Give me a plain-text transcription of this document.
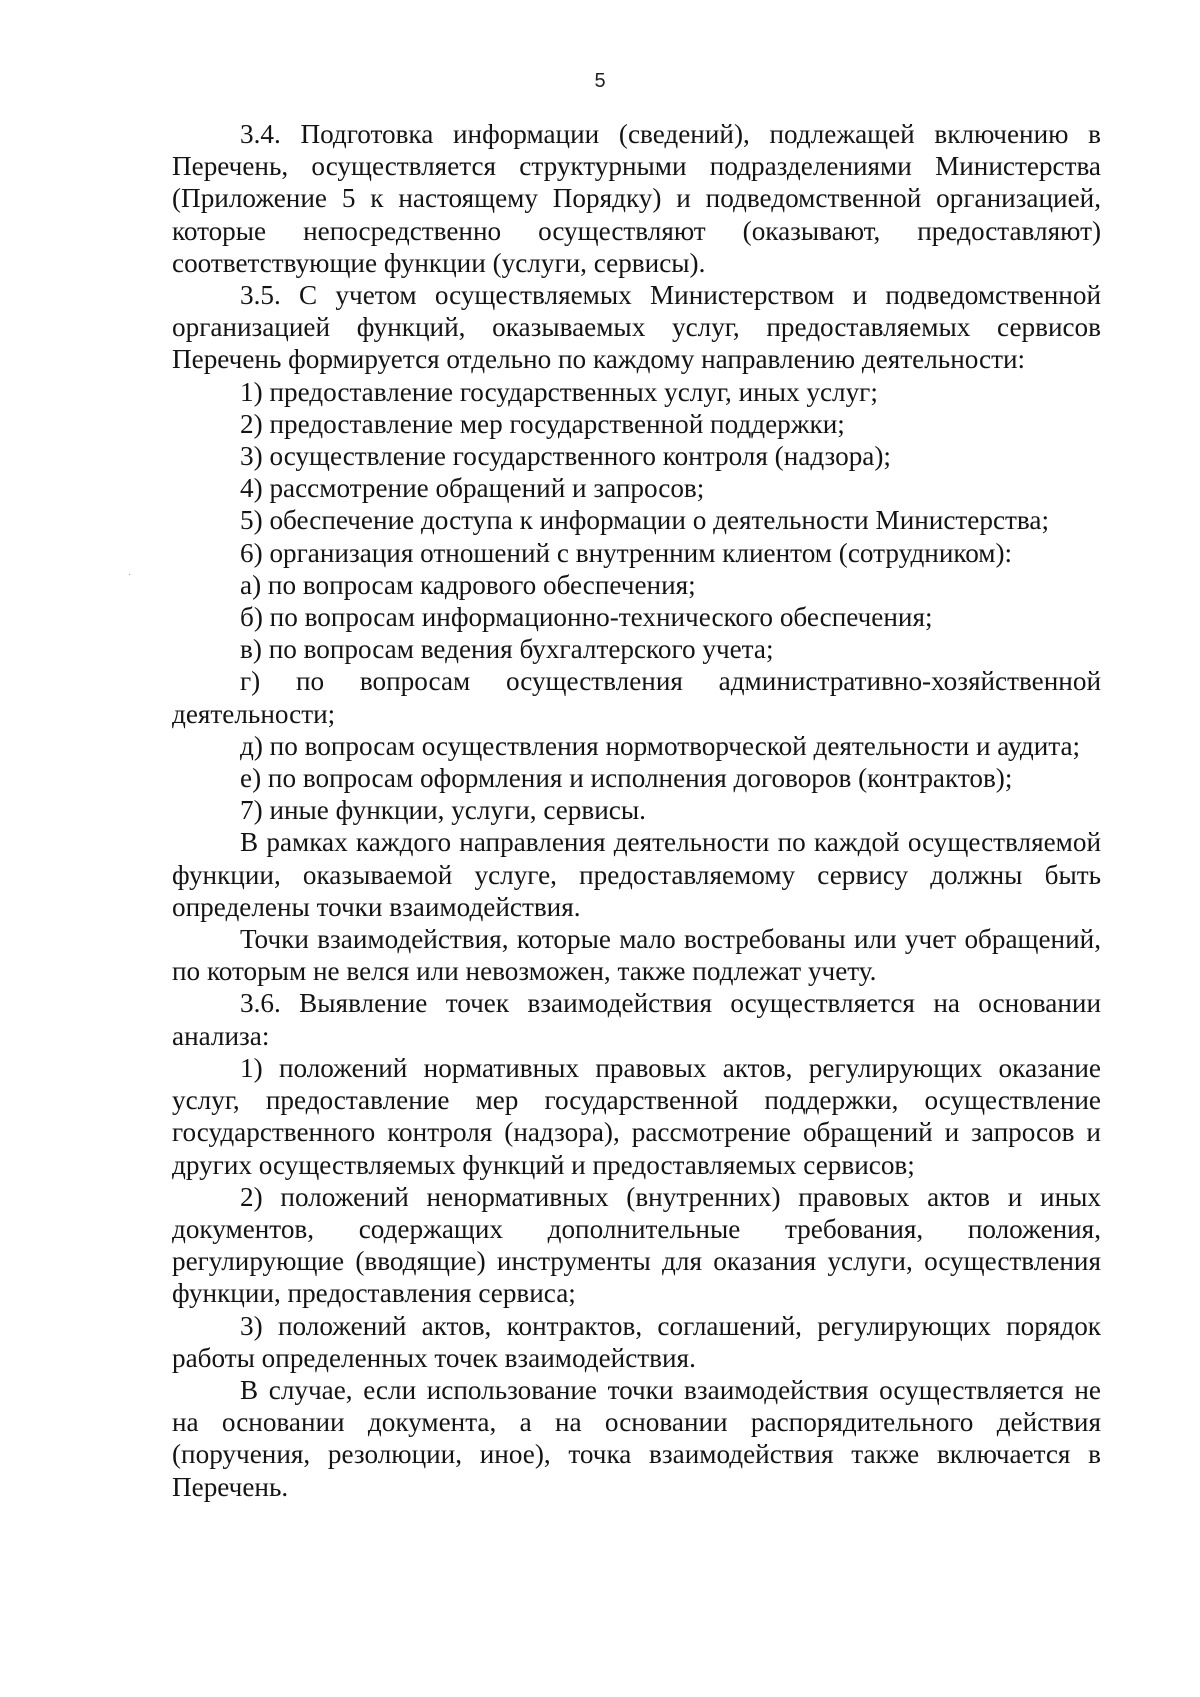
5

3.4. Подготовка информации (сведений), подлежащей включению в Перечень, осуществляется структурными подразделениями Министерства (Приложение 5 к настоящему Порядку) и подведомственной организацией, которые непосредственно осуществляют (оказывают, предоставляют) соответствующие функции (услуги, сервисы).

3.5. С учетом осуществляемых Министерством и подведомственной организацией функций, оказываемых услуг, предоставляемых сервисов Перечень формируется отдельно по каждому направлению деятельности:

1) предоставление государственных услуг, иных услуг;

2) предоставление мер государственной поддержки;

3) осуществление государственного контроля (надзора);

4) рассмотрение обращений и запросов;

5) обеспечение доступа к информации о деятельности Министерства;

6) организация отношений с внутренним клиентом (сотрудником):

а) по вопросам кадрового обеспечения;

б) по вопросам информационно-технического обеспечения;

в) по вопросам ведения бухгалтерского учета;

г) по вопросам осуществления административно-хозяйственной деятельности;

д) по вопросам осуществления нормотворческой деятельности и аудита;

е) по вопросам оформления и исполнения договоров (контрактов);

7) иные функции, услуги, сервисы.

В рамках каждого направления деятельности по каждой осуществляемой функции, оказываемой услуге, предоставляемому сервису должны быть определены точки взаимодействия.

Точки взаимодействия, которые мало востребованы или учет обращений, по которым не велся или невозможен, также подлежат учету.

3.6. Выявление точек взаимодействия осуществляется на основании анализа:

1) положений нормативных правовых актов, регулирующих оказание услуг, предоставление мер государственной поддержки, осуществление государственного контроля (надзора), рассмотрение обращений и запросов и других осуществляемых функций и предоставляемых сервисов;

2) положений ненормативных (внутренних) правовых актов и иных документов, содержащих дополнительные требования, положения, регулирующие (вводящие) инструменты для оказания услуги, осуществления функции, предоставления сервиса;

3) положений актов, контрактов, соглашений, регулирующих порядок работы определенных точек взаимодействия.

В случае, если использование точки взаимодействия осуществляется не на основании документа, а на основании распорядительного действия (поручения, резолюции, иное), точка взаимодействия также включается в Перечень.

·
